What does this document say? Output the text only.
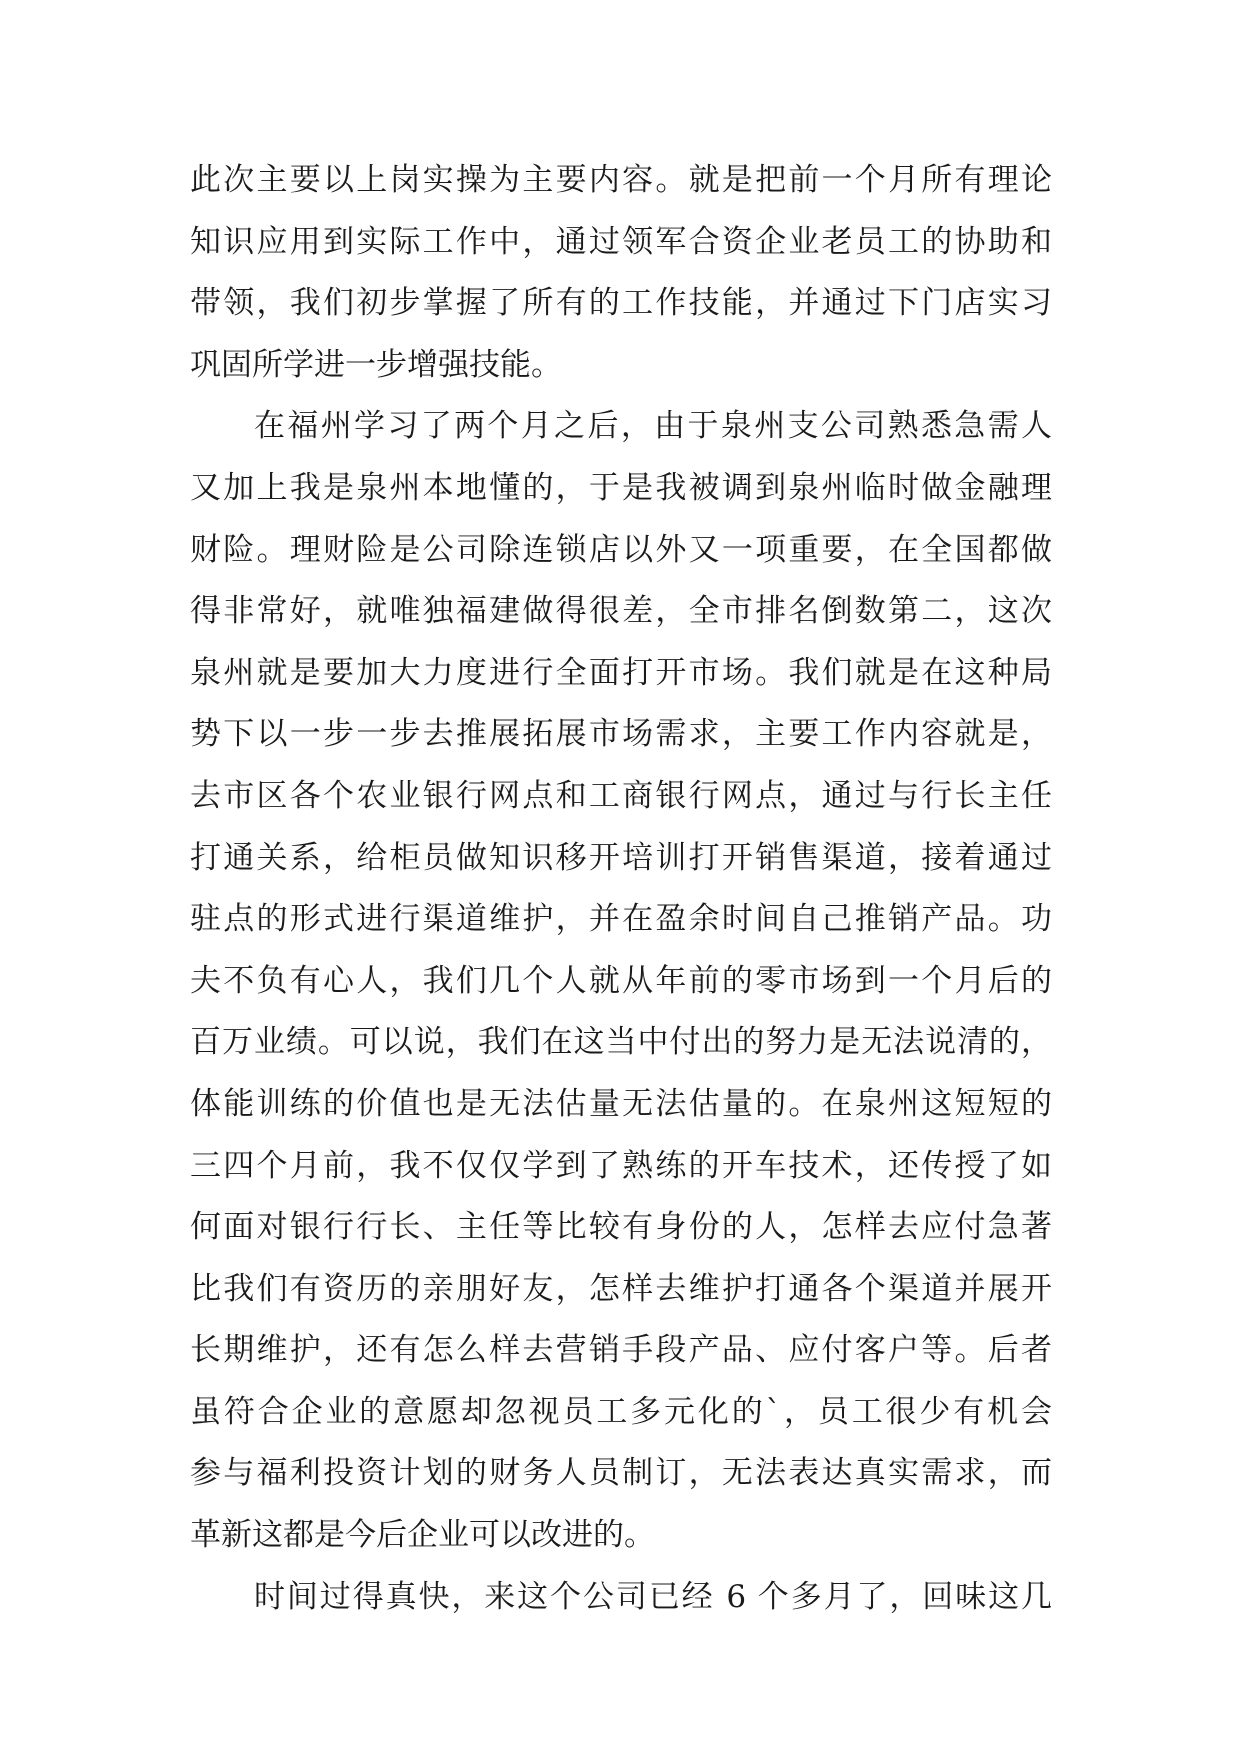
此次主要以上岗实操为主要内容。就是把前一个月所有理论
知识应用到实际工作中，通过领军合资企业老员工的协助和
带领，我们初步掌握了所有的工作技能，并通过下门店实习
巩固所学进一步增强技能。
在福州学习了两个月之后，由于泉州支公司熟悉急需人
又加上我是泉州本地懂的，于是我被调到泉州临时做金融理
财险。理财险是公司除连锁店以外又一项重要，在全国都做
得非常好，就唯独福建做得很差，全市排名倒数第二，这次
泉州就是要加大力度进行全面打开市场。我们就是在这种局
势下以一步一步去推展拓展市场需求，主要工作内容就是，
去市区各个农业银行网点和工商银行网点，通过与行长主任
打通关系，给柜员做知识移开培训打开销售渠道，接着通过
驻点的形式进行渠道维护，并在盈余时间自己推销产品。功
夫不负有心人，我们几个人就从年前的零市场到一个月后的
百万业绩。可以说，我们在这当中付出的努力是无法说清的，
体能训练的价值也是无法估量无法估量的。在泉州这短短的
三四个月前，我不仅仅学到了熟练的开车技术，还传授了如
何面对银行行长、主任等比较有身份的人，怎样去应付急著
比我们有资历的亲朋好友，怎样去维护打通各个渠道并展开
长期维护，还有怎么样去营销手段产品、应付客户等。后者
虽符合企业的意愿却忽视员工多元化的`，员工很少有机会
参与福利投资计划的财务人员制订，无法表达真实需求，而
革新这都是今后企业可以改进的。
时间过得真快，来这个公司已经 6 个多月了，回味这几
